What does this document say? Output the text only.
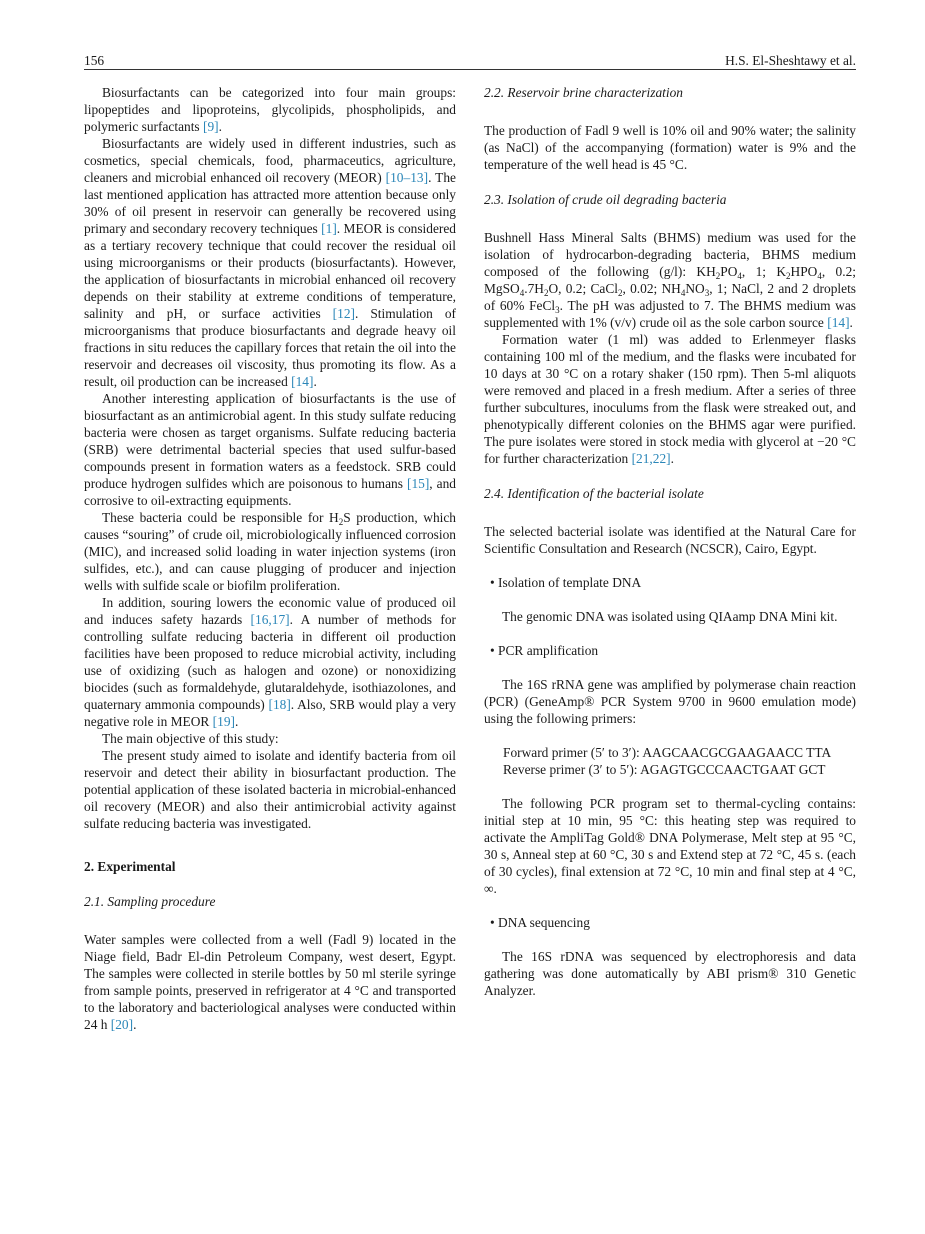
156	H.S. El-Sheshtawy et al.

Biosurfactants can be categorized into four main groups: lipopeptides and lipoproteins, glycolipids, phospholipids, and polymeric surfactants [9].

Biosurfactants are widely used in different industries, such as cosmetics, special chemicals, food, pharmaceutics, agriculture, cleaners and microbial enhanced oil recovery (MEOR) [10–13]. The last mentioned application has attracted more attention because only 30% of oil present in reservoir can generally be recovered using primary and secondary recovery techniques [1]. MEOR is considered as a tertiary recovery technique that could recover the residual oil using microorganisms or their products (biosurfactants). However, the application of biosurfactants in microbial enhanced oil recovery depends on their stability at extreme conditions of temperature, salinity and pH, or surface activities [12]. Stimulation of microorganisms that produce biosurfactants and degrade heavy oil fractions in situ reduces the capillary forces that retain the oil into the reservoir and decreases oil viscosity, thus promoting its flow. As a result, oil production can be increased [14].

Another interesting application of biosurfactants is the use of biosurfactant as an antimicrobial agent. In this study sulfate reducing bacteria were chosen as target organisms. Sulfate reducing bacteria (SRB) were detrimental bacterial species that used sulfur-based compounds present in formation waters as a feedstock. SRB could produce hydrogen sulfides which are poisonous to humans [15], and corrosive to oil-extracting equipments.

These bacteria could be responsible for $H_2S$ production, which causes “souring” of crude oil, microbiologically influenced corrosion (MIC), and increased solid loading in water injection systems (iron sulfides, etc.), and can cause plugging of producer and injection wells with sulfide scale or biofilm proliferation.

In addition, souring lowers the economic value of produced oil and induces safety hazards [16,17]. A number of methods for controlling sulfate reducing bacteria in different oil production facilities have been proposed to reduce microbial activity, including use of oxidizing (such as halogen and ozone) or nonoxidizing biocides (such as formaldehyde, glutaraldehyde, isothiazolones, and quaternary ammonia compounds) [18]. Also, SRB would play a very negative role in MEOR [19].

The main objective of this study:

The present study aimed to isolate and identify bacteria from oil reservoir and detect their ability in biosurfactant production. The potential application of these isolated bacteria in microbial-enhanced oil recovery (MEOR) and also their antimicrobial activity against sulfate reducing bacteria was investigated.

2. Experimental
2.1. Sampling procedure

Water samples were collected from a well (Fadl 9) located in the Niage field, Badr El-din Petroleum Company, west desert, Egypt. The samples were collected in sterile bottles by 50 ml sterile syringe from sample points, preserved in refrigerator at 4 °C and transported to the laboratory and bacteriological analyses were conducted within 24 h [20].

2.2. Reservoir brine characterization

The production of Fadl 9 well is 10% oil and 90% water; the salinity (as NaCl) of the accompanying (formation) water is 9% and the temperature of the well head is 45 °C.

2.3. Isolation of crude oil degrading bacteria

Bushnell Hass Mineral Salts (BHMS) medium was used for the isolation of hydrocarbon-degrading bacteria, BHMS medium composed of the following (g/l): $KH_2PO_4$, 1; $K_2HPO_4$, 0.2; $MgSO_4.7H_2O$, 0.2; CaCl$_2$, 0.02; $NH_4NO_3$, 1; NaCl, 2 and 2 droplets of 60% FeCl$_3$. The pH was adjusted to 7. The BHMS medium was supplemented with 1% (v/v) crude oil as the sole carbon source [14].

Formation water (1 ml) was added to Erlenmeyer flasks containing 100 ml of the medium, and the flasks were incubated for 10 days at 30 °C on a rotary shaker (150 rpm). Then 5-ml aliquots were removed and placed in a fresh medium. After a series of three further subcultures, inoculums from the flask were streaked out, and phenotypically different colonies on the BHMS agar were purified. The pure isolates were stored in stock media with glycerol at −20 °C for further characterization [21,22].

2.4. Identification of the bacterial isolate

The selected bacterial isolate was identified at the Natural Care for Scientific Consultation and Research (NCSCR), Cairo, Egypt.

• Isolation of template DNA

The genomic DNA was isolated using QIAamp DNA Mini kit.

• PCR amplification

The 16S rRNA gene was amplified by polymerase chain reaction (PCR) (GeneAmp® PCR System 9700 in 9600 emulation mode) using the following primers:

Forward primer (5′ to 3′): AAGCAACGCGAAGAACC TTA
Reverse primer (3′ to 5′): AGAGTGCCCAACTGAAT GCT

The following PCR program set to thermal-cycling contains: initial step at 10 min, 95 °C: this heating step was required to activate the AmpliTag Gold® DNA Polymerase, Melt step at 95 °C, 30 s, Anneal step at 60 °C, 30 s and Extend step at 72 °C, 45 s. (each of 30 cycles), final extension at 72 °C, 10 min and final step at 4 °C, ∞.

• DNA sequencing

The 16S rDNA was sequenced by electrophoresis and data gathering was done automatically by ABI prism® 310 Genetic Analyzer.
